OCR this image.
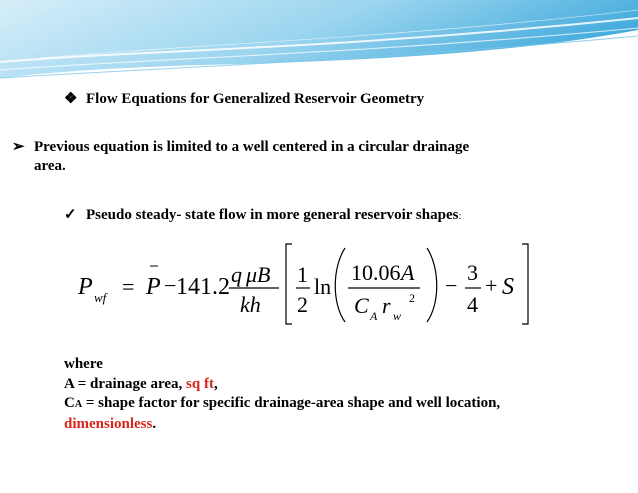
❖ Flow Equations for Generalized Reservoir Geometry
➢ Previous equation is limited to a well centered in a circular drainage
area.
✓ Pseudo steady- state flow in more general reservoir shapes:
P wf = P − 141.2 q μB
kh
1
2
ln
10.06 A
C A r w
2 −
3
4
+ S
where
A = drainage area, sq ft,
CA = shape factor for specific drainage-area shape and well location,
dimensionless.
